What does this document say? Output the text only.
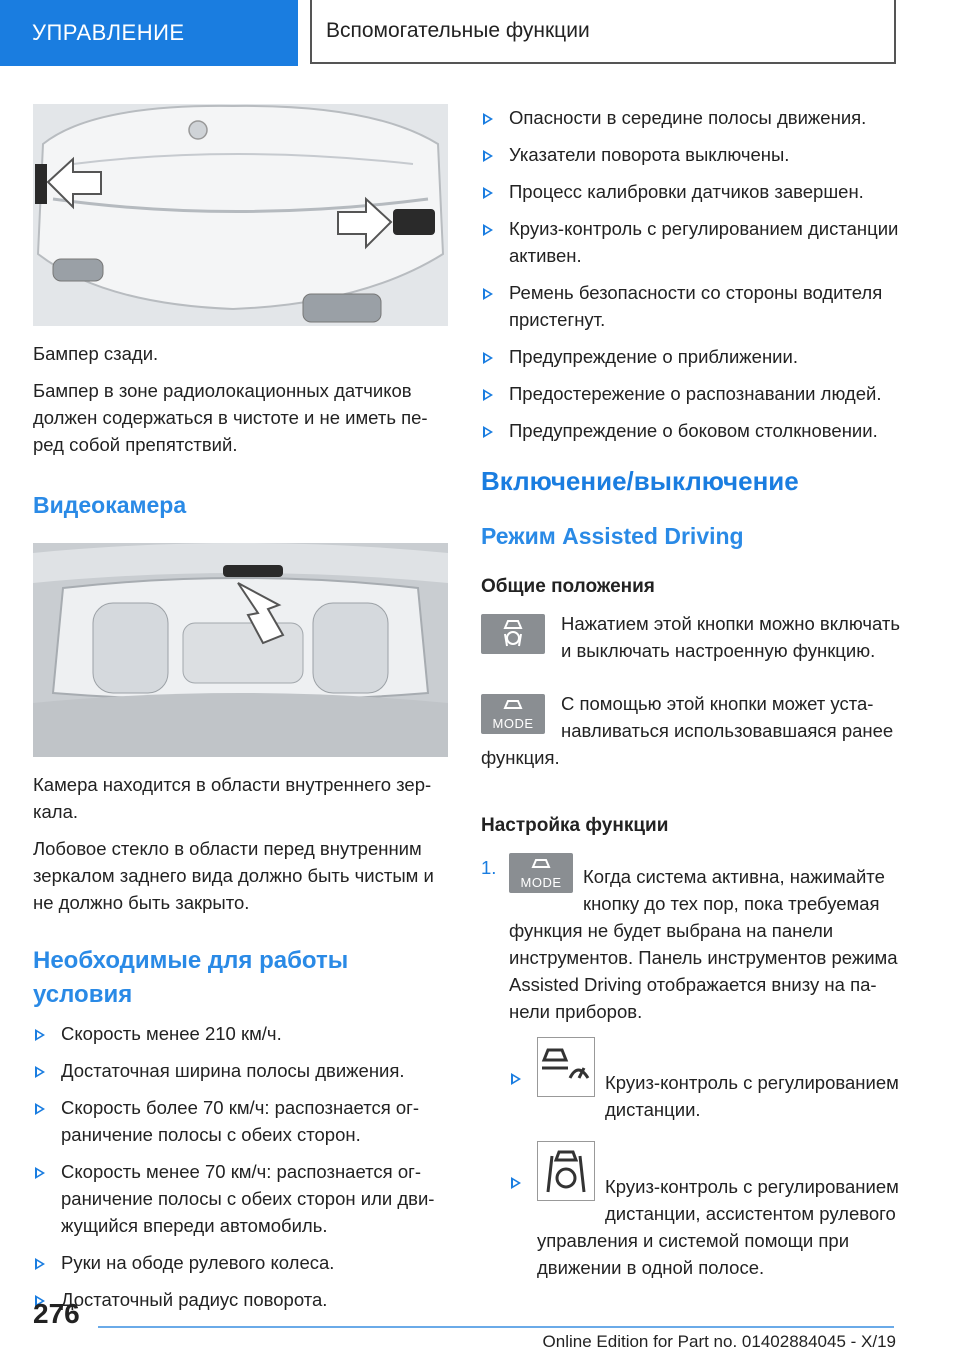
УПРАВЛЕНИЕ	Вспомогательные функции

Бампер сзади.

Бампер в зоне радиолокационных датчиков должен содержаться в чистоте и не иметь перед собой препятствий.

Видеокамера

Камера находится в области внутреннего зеркала.

Лобовое стекло в области перед внутренним зеркалом заднего вида должно быть чистым и не должно быть закрыто.

Необходимые для работы условия

Скорость менее 210 км/ч.
Достаточная ширина полосы движения.
Скорость более 70 км/ч: распознается ограничение полосы с обеих сторон.
Скорость менее 70 км/ч: распознается ограничение полосы с обеих сторон или движущийся впереди автомобиль.
Руки на ободе рулевого колеса.
Достаточный радиус поворота.
Опасности в середине полосы движения.
Указатели поворота выключены.
Процесс калибровки датчиков завершен.
Круиз-контроль с регулированием дистанции активен.
Ремень безопасности со стороны водителя пристегнут.
Предупреждение о приближении.
Предостережение о распознавании людей.
Предупреждение о боковом столкновении.

Включение/выключение

Режим Assisted Driving

Общие положения

Нажатием этой кнопки можно включать и выключать настроенную функцию.

MODE

С помощью этой кнопки может устанавливаться использовавшаяся ранее функция.

Настройка функции

1.
MODE	Когда система активна, нажимайте кнопку до тех пор, пока требуемая функция не будет выбрана на панели инструментов. Панель инструментов режима Assisted Driving отображается внизу на панели приборов.

Круиз-контроль с регулированием дистанции.
Круиз-контроль с регулированием дистанции, ассистентом рулевого управления и системой помощи при движении в одной полосе.
276
Online Edition for Part no. 01402884045 - X/19
